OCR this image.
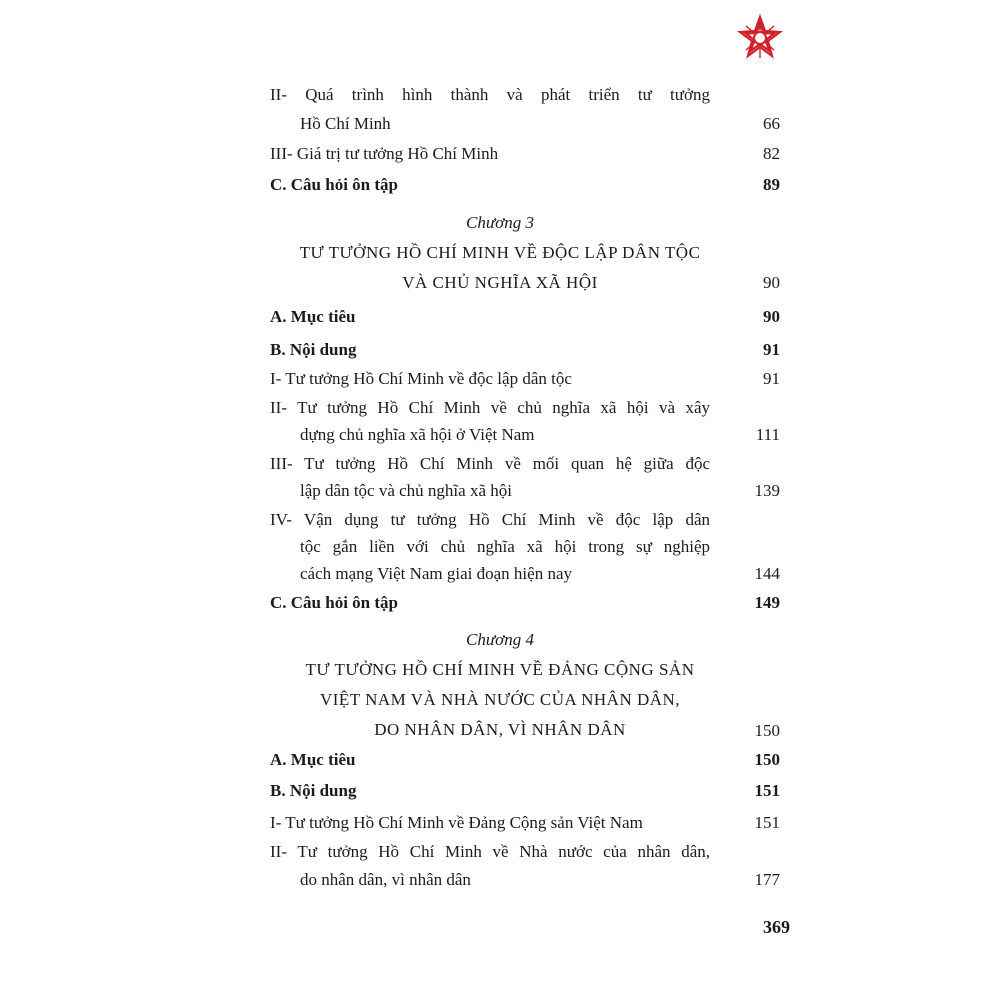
II- Quá trình hình thành và phát triển tư tưởng
Hồ Chí Minh	66
III- Giá trị tư tưởng Hồ Chí Minh	82
C. Câu hỏi ôn tập	89
Chương 3
TƯ TƯỞNG HỒ CHÍ MINH VỀ ĐỘC LẬP DÂN TỘC
VÀ CHỦ NGHĨA XÃ HỘI	90
A. Mục tiêu	90
B. Nội dung	91
I- Tư tưởng Hồ Chí Minh về độc lập dân tộc	91
II- Tư tưởng Hồ Chí Minh về chủ nghĩa xã hội và xây
dựng chủ nghĩa xã hội ở Việt Nam	111
III- Tư tưởng Hồ Chí Minh về mối quan hệ giữa độc
lập dân tộc và chủ nghĩa xã hội	139
IV- Vận dụng tư tưởng Hồ Chí Minh về độc lập dân
tộc gắn liền với chủ nghĩa xã hội trong sự nghiệp
cách mạng Việt Nam giai đoạn hiện nay	144
C. Câu hỏi ôn tập	149
Chương 4
TƯ TƯỞNG HỒ CHÍ MINH VỀ ĐẢNG CỘNG SẢN
VIỆT NAM VÀ NHÀ NƯỚC CỦA NHÂN DÂN,
DO NHÂN DÂN, VÌ NHÂN DÂN	150
A. Mục tiêu	150
B. Nội dung	151
I- Tư tưởng Hồ Chí Minh về Đảng Cộng sản Việt Nam	151
II- Tư tưởng Hồ Chí Minh về Nhà nước của nhân dân,
do nhân dân, vì nhân dân	177
369
